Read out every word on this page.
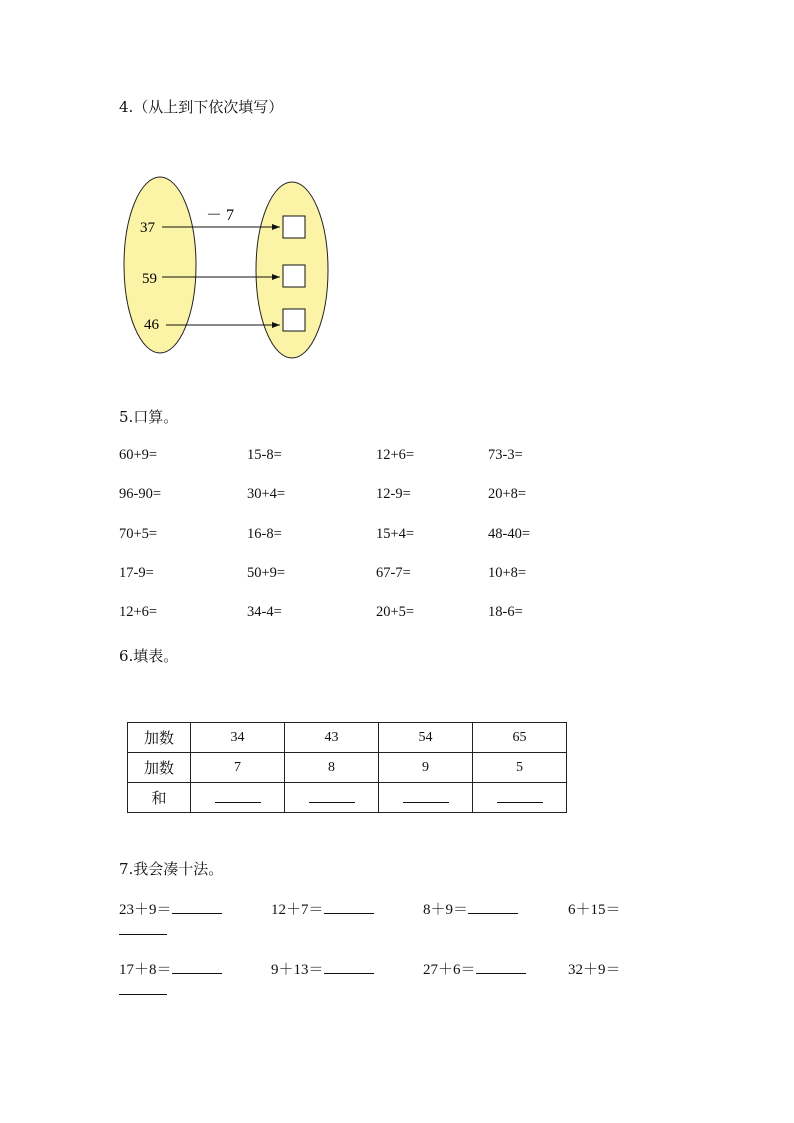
4.（从上到下依次填写）
－ 7
37
59
46
5.口算。
60+9=	15-8=	12+6=	73-3=
96-90=	30+4=	12-9=	20+8=
70+5=	16-8=	15+4=	48-40=
17-9=	50+9=	67-7=	10+8=
12+6=	34-4=	20+5=	18-6=
6.填表。
加数	34	43	54	65
加数	7	8	9	5
和				
7.我会凑十法。
23＋9＝	12＋7＝	8＋9＝	6＋15＝
17＋8＝	9＋13＝	27＋6＝	32＋9＝
